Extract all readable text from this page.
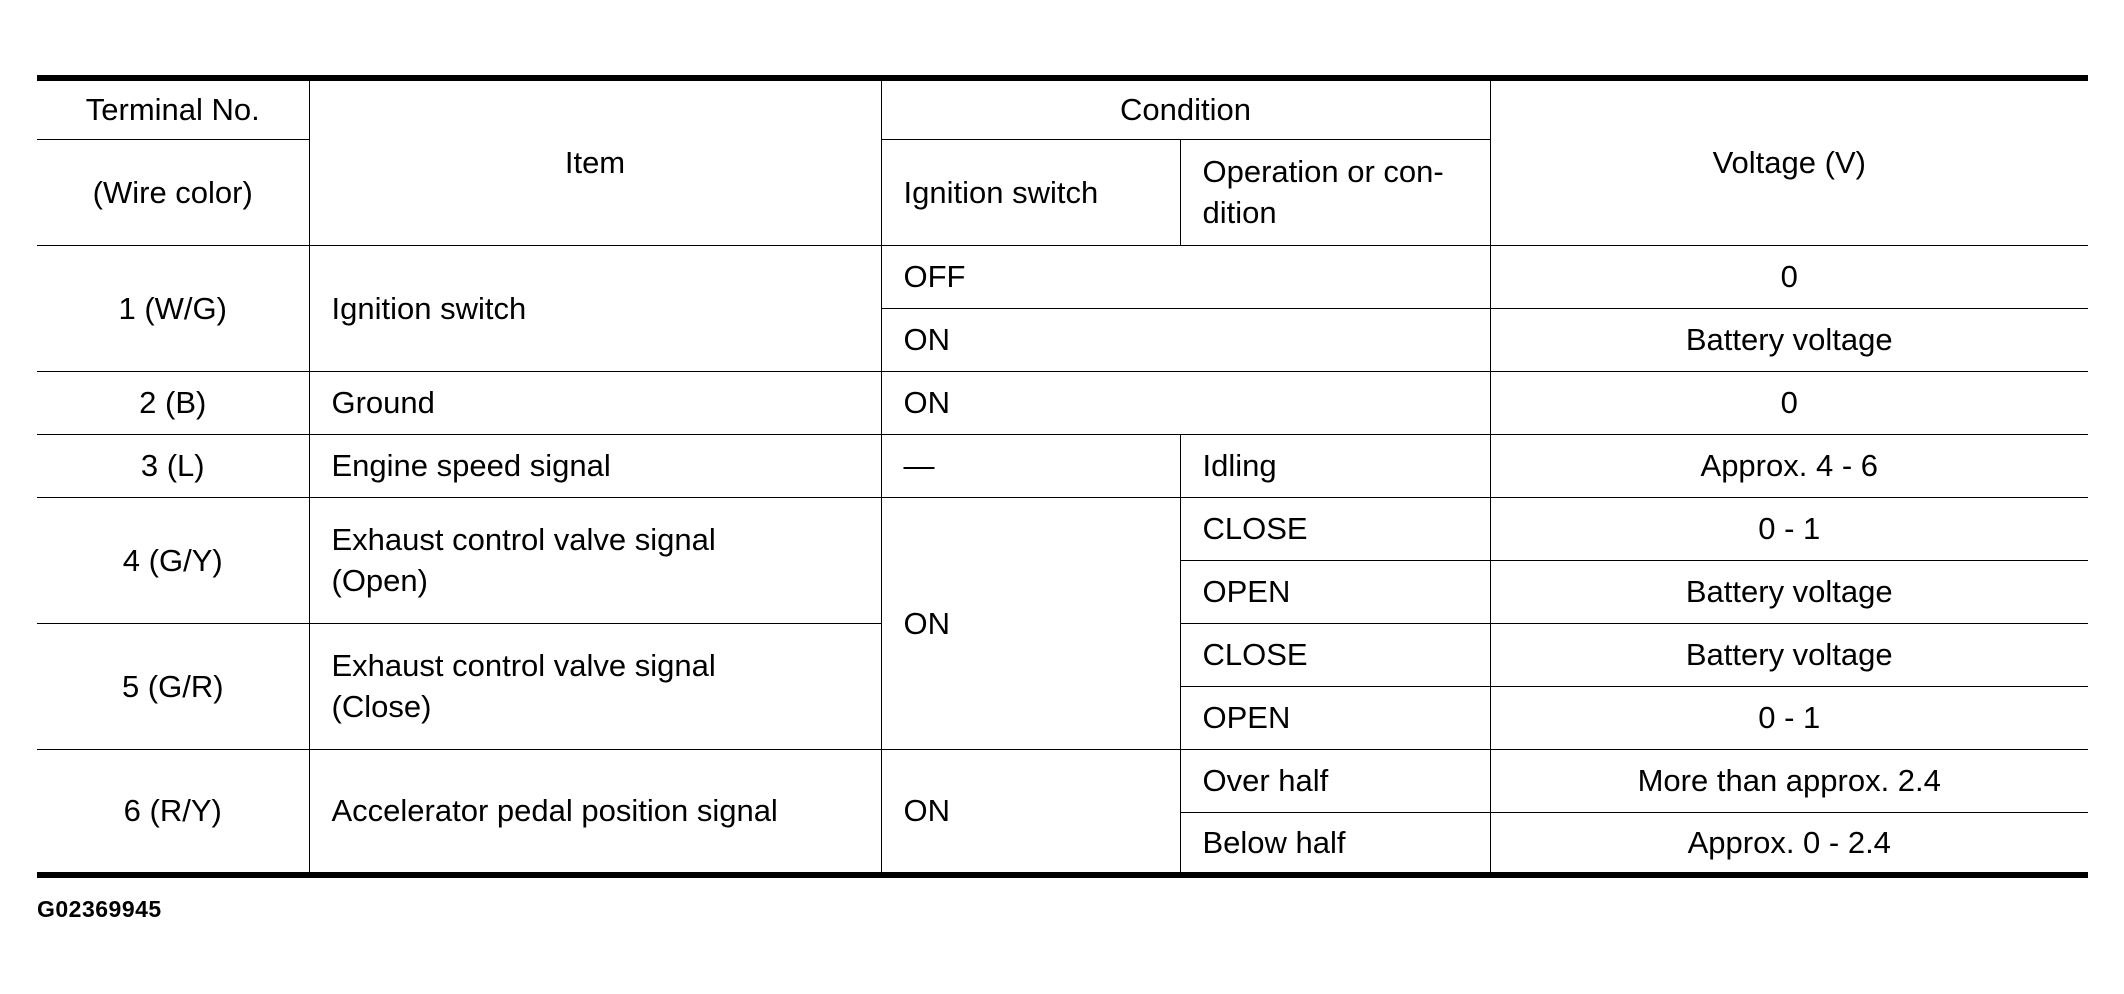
Terminal No.	Item	Condition		Voltage (V)
(Wire color)		Ignition switch	Operation or con-
dition	
1 (W/G)	Ignition switch	OFF		0
		ON		Battery voltage
2 (B)	Ground	ON		0
3 (L)	Engine speed signal	—	Idling	Approx. 4 - 6
4 (G/Y)	Exhaust control valve signal
(Open)	ON	CLOSE	0 - 1
			OPEN	Battery voltage
5 (G/R)	Exhaust control valve signal
(Close)		CLOSE	Battery voltage
			OPEN	0 - 1
6 (R/Y)	Accelerator pedal position signal	ON	Over half	More than approx. 2.4
			Below half	Approx. 0 - 2.4
G02369945
